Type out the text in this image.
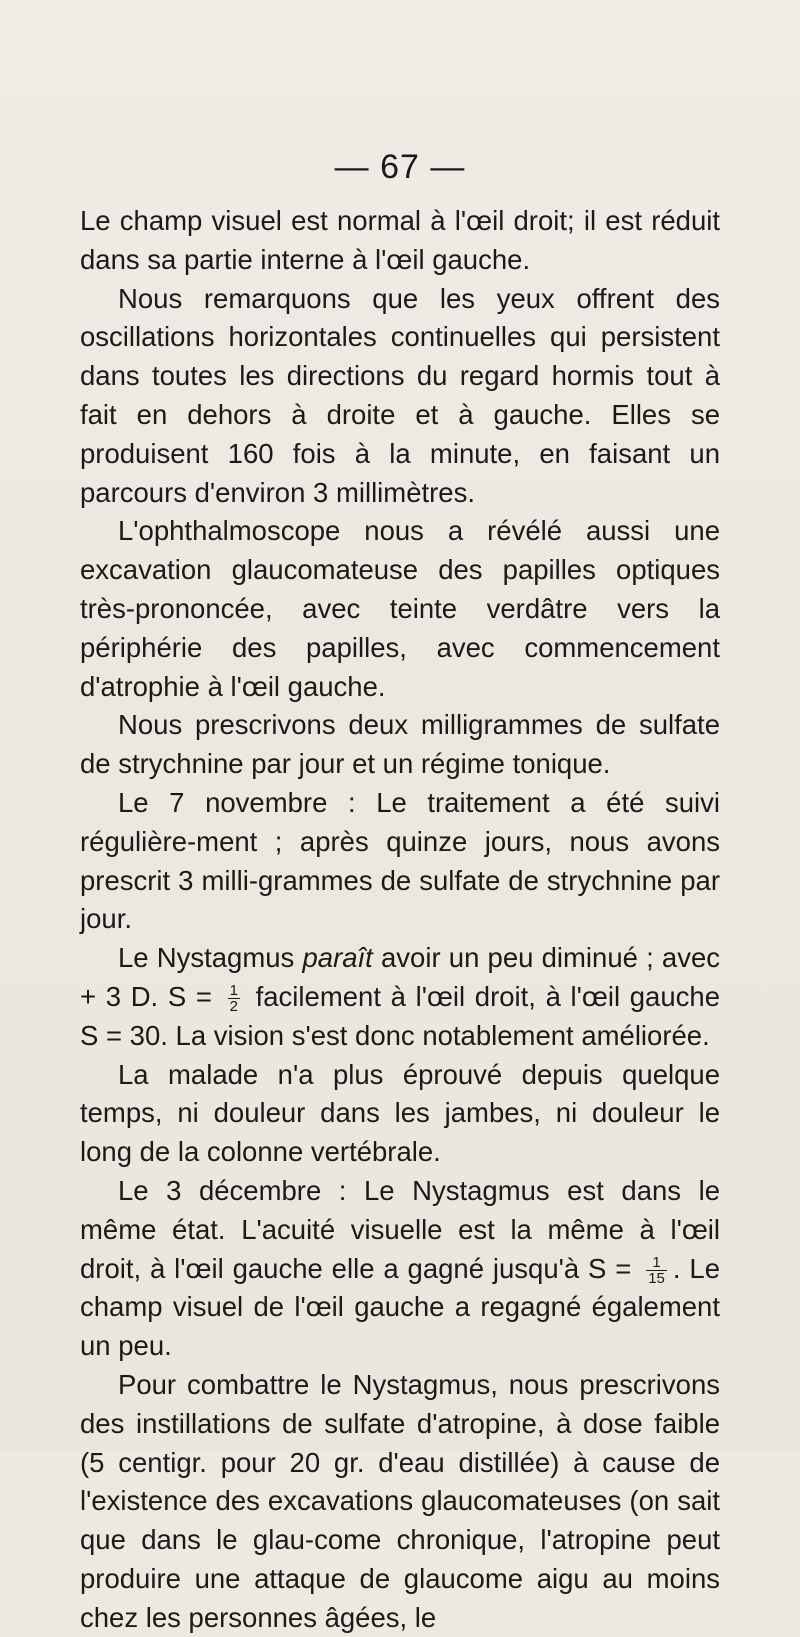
— 67 —

Le champ visuel est normal à l'œil droit; il est réduit dans sa partie interne à l'œil gauche.

Nous remarquons que les yeux offrent des oscillations horizontales continuelles qui persistent dans toutes les directions du regard hormis tout à fait en dehors à droite et à gauche. Elles se produisent 160 fois à la minute, en faisant un parcours d'environ 3 millimètres.

L'ophthalmoscope nous a révélé aussi une excavation glaucomateuse des papilles optiques très-prononcée, avec teinte verdâtre vers la périphérie des papilles, avec commencement d'atrophie à l'œil gauche.

Nous prescrivons deux milligrammes de sulfate de strychnine par jour et un régime tonique.

Le 7 novembre : Le traitement a été suivi régulière-ment ; après quinze jours, nous avons prescrit 3 milli-grammes de sulfate de strychnine par jour.

Le Nystagmus paraît avoir un peu diminué ; avec + 3 D. $S = \frac{1}{2}$ facilement à l'œil droit, à l'œil gauche S = 30. La vision s'est donc notablement améliorée.

La malade n'a plus éprouvé depuis quelque temps, ni douleur dans les jambes, ni douleur le long de la colonne vertébrale.

Le 3 décembre : Le Nystagmus est dans le même état. L'acuité visuelle est la même à l'œil droit, à l'œil gauche elle a gagné jusqu'à $S = \frac{1}{15}$ . Le champ visuel de l'œil gauche a regagné également un peu.

Pour combattre le Nystagmus, nous prescrivons des instillations de sulfate d'atropine, à dose faible (5 centigr. pour 20 gr. d'eau distillée) à cause de l'existence des excavations glaucomateuses (on sait que dans le glau-come chronique, l'atropine peut produire une attaque de glaucome aigu au moins chez les personnes âgées, le
